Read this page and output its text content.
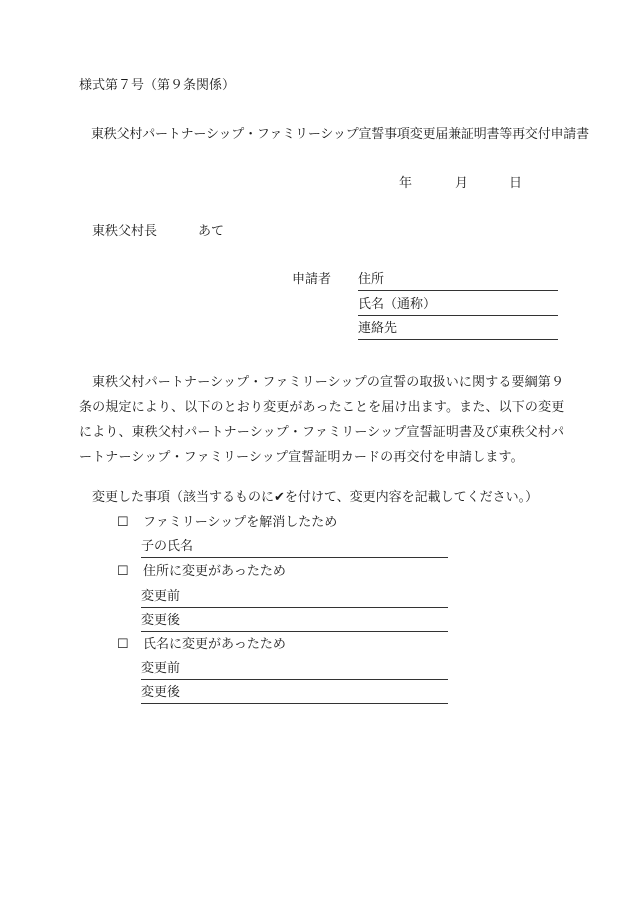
様式第７号（第９条関係）
東秩父村パートナーシップ・ファミリーシップ宣誓事項変更届兼証明書等再交付申請書
年	月	日
東秩父村長	あて
申請者 住所
氏名（通称）
連絡先
東秩父村パートナーシップ・ファミリーシップの宣誓の取扱いに関する要綱第９条の規定により、以下のとおり変更があったことを届け出ます。また、以下の変更により、東秩父村パートナーシップ・ファミリーシップ宣誓証明書及び東秩父村パートナーシップ・ファミリーシップ宣誓証明カードの再交付を申請します。
変更した事項（該当するものに✔を付けて、変更内容を記載してください。）
☐ ファミリーシップを解消したため
子の氏名
☐ 住所に変更があったため
変更前
変更後
☐ 氏名に変更があったため
変更前
変更後
